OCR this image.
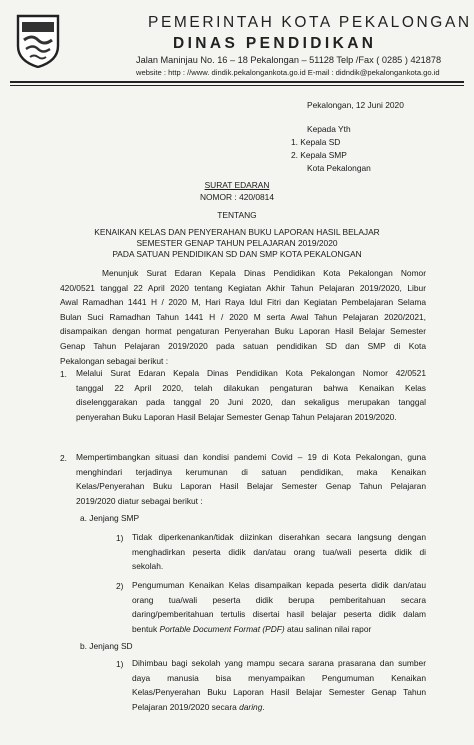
PEMERINTAH KOTA PEKALONGAN
DINAS PENDIDIKAN
Jalan Maninjau No. 16 – 18 Pekalongan – 51128 Telp /Fax ( 0285 ) 421878
website : http : //www. dindik.pekalongankota.go.id E-mail : didndik@pekalongankota.go.id
Pekalongan, 12 Juni 2020
Kepada Yth
1. Kepala SD
2. Kepala SMP
Kota Pekalongan
SURAT EDARAN
NOMOR : 420/0814
TENTANG
KENAIKAN KELAS DAN PENYERAHAN BUKU LAPORAN HASIL BELAJAR
SEMESTER GENAP TAHUN PELAJARAN 2019/2020
PADA SATUAN PENDIDIKAN SD DAN SMP KOTA PEKALONGAN
Menunjuk Surat Edaran Kepala Dinas Pendidikan Kota Pekalongan Nomor
420/0521 tanggal 22 April 2020 tentang Kegiatan Akhir Tahun Pelajaran 2019/2020, Libur
Awal Ramadhan 1441 H / 2020 M, Hari Raya Idul Fitri dan Kegiatan Pembelajaran Selama
Bulan Suci Ramadhan Tahun 1441 H / 2020 M serta Awal Tahun Pelajaran 2020/2021,
disampaikan dengan hormat pengaturan Penyerahan Buku Laporan Hasil Belajar Semester
Genap Tahun Pelajaran 2019/2020 pada satuan pendidikan SD dan SMP di Kota
Pekalongan sebagai berikut :
1. Melalui Surat Edaran Kepala Dinas Pendidikan Kota Pekalongan Nomor 42/0521
tanggal 22 April 2020, telah dilakukan pengaturan bahwa Kenaikan Kelas
diselenggarakan pada tanggal 20 Juni 2020, dan sekaligus merupakan tanggal
penyerahan Buku Laporan Hasil Belajar Semester Genap Tahun Pelajaran 2019/2020.
2. Mempertimbangkan situasi dan kondisi pandemi Covid – 19 di Kota Pekalongan, guna
menghindari terjadinya kerumunan di satuan pendidikan, maka Kenaikan
Kelas/Penyerahan Buku Laporan Hasil Belajar Semester Genap Tahun Pelajaran
2019/2020 diatur sebagai berikut :
a. Jenjang SMP
1) Tidak diperkenankan/tidak diizinkan diserahkan secara langsung dengan
menghadirkan peserta didik dan/atau orang tua/wali peserta didik di
sekolah.
2) Pengumuman Kenaikan Kelas disampaikan kepada peserta didik dan/atau
orang tua/wali peserta didik berupa pemberitahuan secara
daring/pemberitahuan tertulis disertai hasil belajar peserta didik dalam
bentuk Portable Document Format (PDF) atau salinan nilai rapor
b. Jenjang SD
1) Dihimbau bagi sekolah yang mampu secara sarana prasarana dan sumber
daya manusia bisa menyampaikan Pengumuman Kenaikan
Kelas/Penyerahan Buku Laporan Hasil Belajar Semester Genap Tahun
Pelajaran 2019/2020 secara daring.
